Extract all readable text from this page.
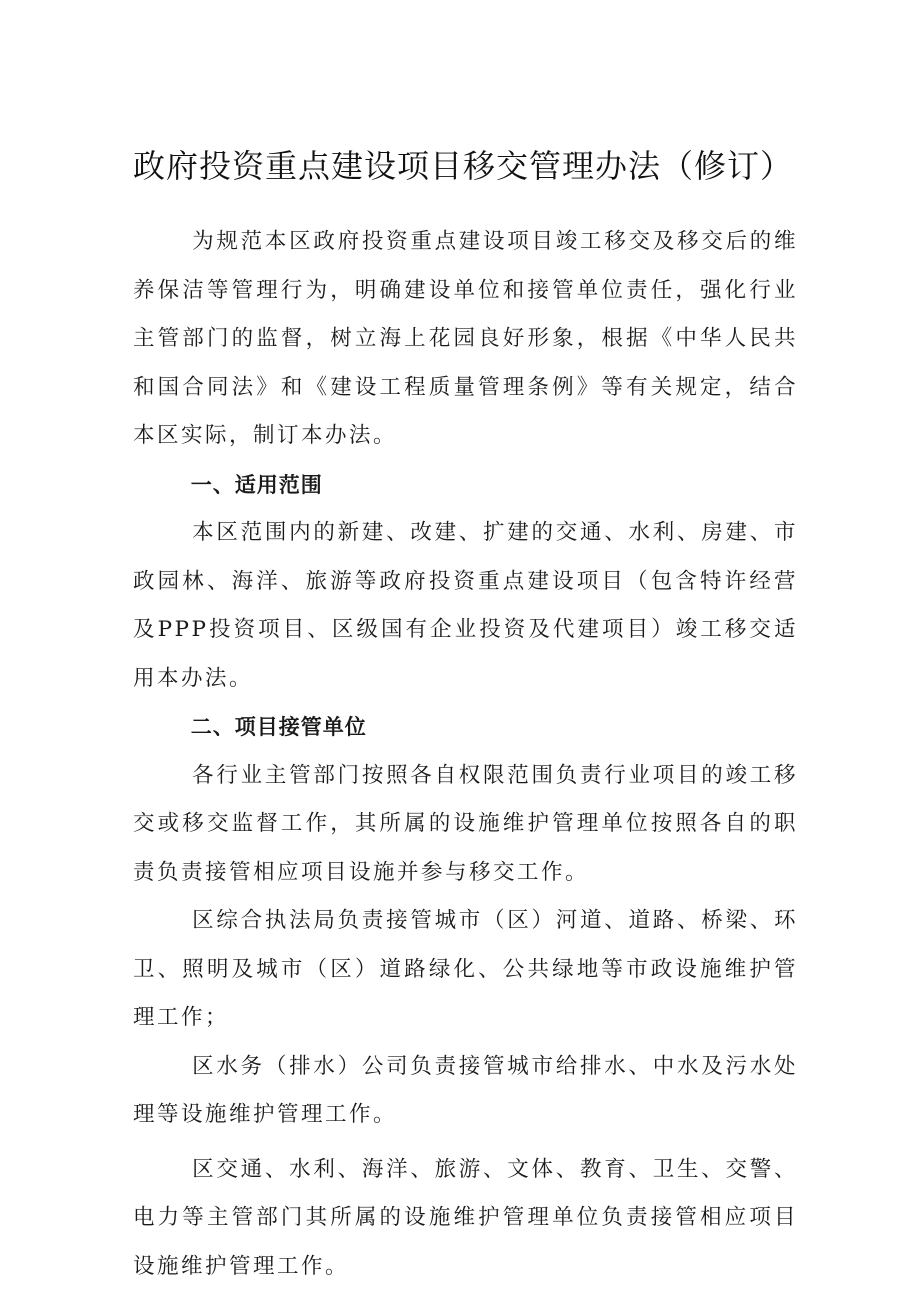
政府投资重点建设项目移交管理办法（修订）

为规范本区政府投资重点建设项目竣工移交及移交后的维养保洁等管理行为，明确建设单位和接管单位责任，强化行业主管部门的监督，树立海上花园良好形象，根据《中华人民共和国合同法》和《建设工程质量管理条例》等有关规定，结合本区实际，制订本办法。

一、适用范围

本区范围内的新建、改建、扩建的交通、水利、房建、市政园林、海洋、旅游等政府投资重点建设项目（包含特许经营及PPP投资项目、区级国有企业投资及代建项目）竣工移交适用本办法。

二、项目接管单位

各行业主管部门按照各自权限范围负责行业项目的竣工移交或移交监督工作，其所属的设施维护管理单位按照各自的职责负责接管相应项目设施并参与移交工作。

区综合执法局负责接管城市（区）河道、道路、桥梁、环卫、照明及城市（区）道路绿化、公共绿地等市政设施维护管理工作；

区水务（排水）公司负责接管城市给排水、中水及污水处理等设施维护管理工作。

区交通、水利、海洋、旅游、文体、教育、卫生、交警、电力等主管部门其所属的设施维护管理单位负责接管相应项目设施维护管理工作。
